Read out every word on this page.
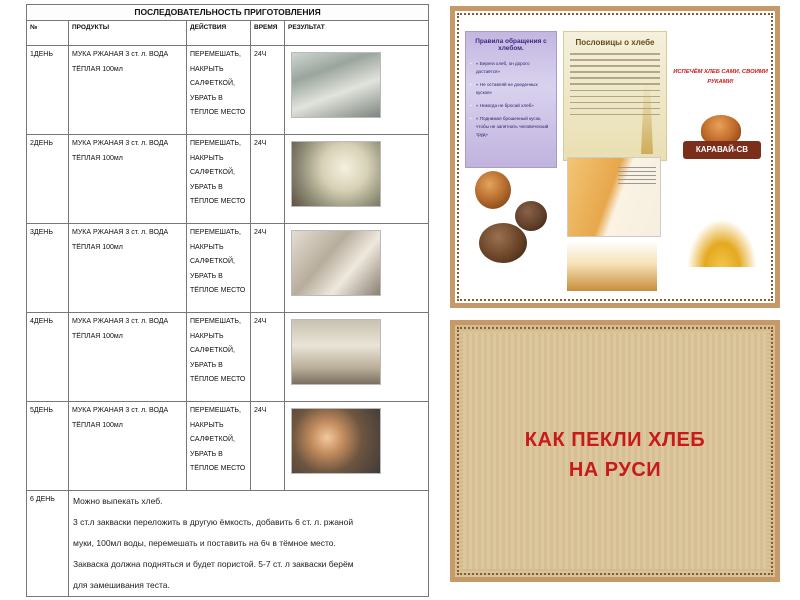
ПОСЛЕДОВАТЕЛЬНОСТЬ ПРИГОТОВЛЕНИЯ				
№	ПРОДУКТЫ	ДЕЙСТВИЯ	ВРЕМЯ	РЕЗУЛЬТАТ
1ДЕНЬ	МУКА РЖАНАЯ 3 ст. л. ВОДА ТЁПЛАЯ 100мл	ПЕРЕМЕШАТЬ, НАКРЫТЬ САЛФЕТКОЙ, УБРАТЬ В ТЁПЛОЕ МЕСТО	24Ч	

2ДЕНЬ	МУКА РЖАНАЯ 3 ст. л. ВОДА ТЁПЛАЯ 100мл	ПЕРЕМЕШАТЬ, НАКРЫТЬ САЛФЕТКОЙ, УБРАТЬ В ТЁПЛОЕ МЕСТО	24Ч	

3ДЕНЬ	МУКА РЖАНАЯ 3 ст. л. ВОДА ТЁПЛАЯ 100мл	ПЕРЕМЕШАТЬ, НАКРЫТЬ САЛФЕТКОЙ, УБРАТЬ В ТЁПЛОЕ МЕСТО	24Ч	

4ДЕНЬ	МУКА РЖАНАЯ 3 ст. л. ВОДА ТЁПЛАЯ 100мл	ПЕРЕМЕШАТЬ, НАКРЫТЬ САЛФЕТКОЙ, УБРАТЬ В ТЁПЛОЕ МЕСТО	24Ч	

5ДЕНЬ	МУКА РЖАНАЯ 3 ст. л. ВОДА ТЁПЛАЯ 100мл	ПЕРЕМЕШАТЬ, НАКРЫТЬ САЛФЕТКОЙ, УБРАТЬ В ТЁПЛОЕ МЕСТО	24Ч	

6 ДЕНЬ	Можно выпекать хлеб.
3 ст.л закваски переложить в другую ёмкость, добавить 6 ст. л. ржаной
муки, 100мл воды, перемешать и поставить на 6ч в тёмное место.
Закваска должна подняться и будет пористой. 5-7 ст. л закваски берём
для замешивания теста.			
Правила обращения с хлебом.
• « Береги хлеб, он дорого достаётся»
• « Не оставляй не доеденных кусков»
• « Никогда не бросай хлеб»
• « Поднимая брошенный кусок, чтобы не запятнать человеческий труд»
Пословицы о хлебе
ИСПЕЧЁМ ХЛЕБ САМИ, СВОИМИ РУКАМИ!
КАРАВАЙ-СВ
КАК ПЕКЛИ ХЛЕБ
НА РУСИ
